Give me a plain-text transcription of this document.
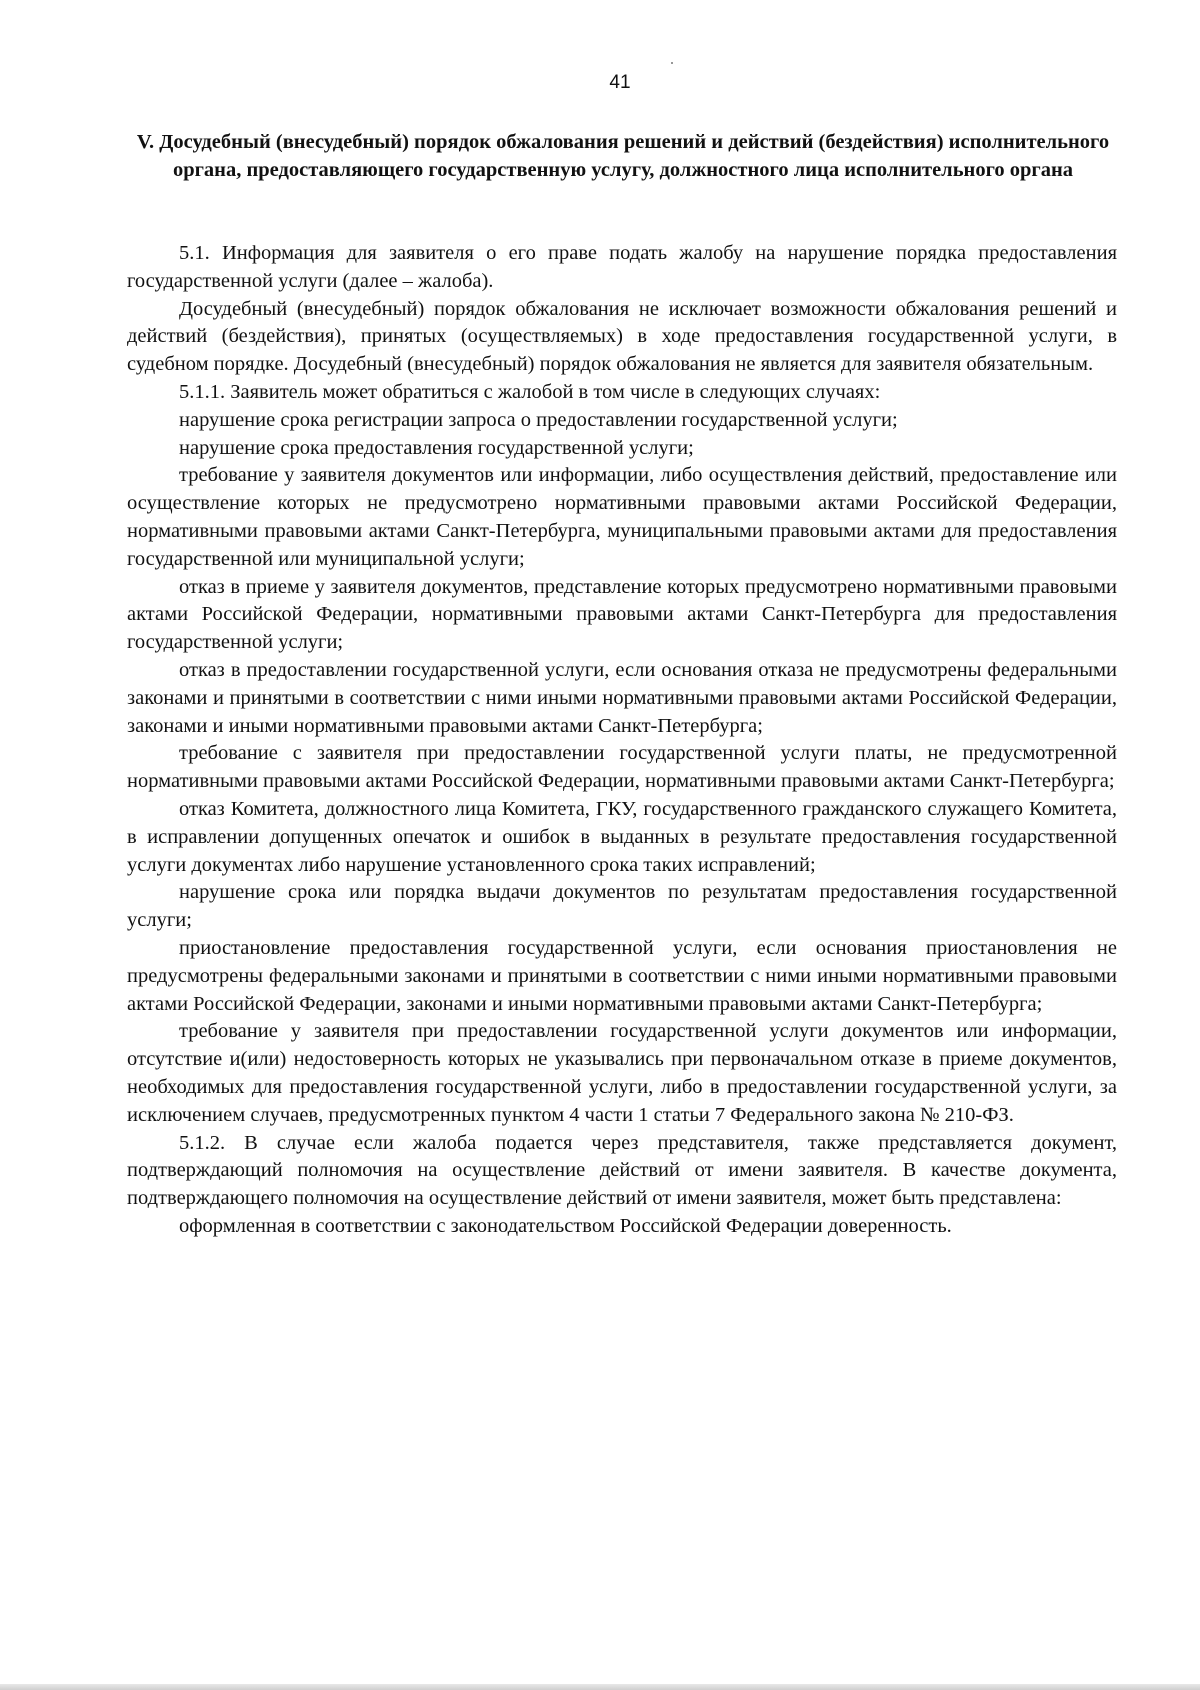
41
V. Досудебный (внесудебный) порядок обжалования решений и действий (бездействия) исполнительного органа, предоставляющего государственную услугу, должностного лица исполнительного органа

5.1. Информация для заявителя о его праве подать жалобу на нарушение порядка предоставления государственной услуги (далее – жалоба).

Досудебный (внесудебный) порядок обжалования не исключает возможности обжалования решений и действий (бездействия), принятых (осуществляемых) в ходе предоставления государственной услуги, в судебном порядке. Досудебный (внесудебный) порядок обжалования не является для заявителя обязательным.

5.1.1. Заявитель может обратиться с жалобой в том числе в следующих случаях:

нарушение срока регистрации запроса о предоставлении государственной услуги;

нарушение срока предоставления государственной услуги;

требование у заявителя документов или информации, либо осуществления действий, предоставление или осуществление которых не предусмотрено нормативными правовыми актами Российской Федерации, нормативными правовыми актами Санкт-Петербурга, муниципальными правовыми актами для предоставления государственной или муниципальной услуги;

отказ в приеме у заявителя документов, представление которых предусмотрено нормативными правовыми актами Российской Федерации, нормативными правовыми актами Санкт-Петербурга для предоставления государственной услуги;

отказ в предоставлении государственной услуги, если основания отказа не предусмотрены федеральными законами и принятыми в соответствии с ними иными нормативными правовыми актами Российской Федерации, законами и иными нормативными правовыми актами Санкт-Петербурга;

требование с заявителя при предоставлении государственной услуги платы, не предусмотренной нормативными правовыми актами Российской Федерации, нормативными правовыми актами Санкт-Петербурга;

отказ Комитета, должностного лица Комитета, ГКУ, государственного гражданского служащего Комитета, в исправлении допущенных опечаток и ошибок в выданных в результате предоставления государственной услуги документах либо нарушение установленного срока таких исправлений;

нарушение срока или порядка выдачи документов по результатам предоставления государственной услуги;

приостановление предоставления государственной услуги, если основания приостановления не предусмотрены федеральными законами и принятыми в соответствии с ними иными нормативными правовыми актами Российской Федерации, законами и иными нормативными правовыми актами Санкт-Петербурга;

требование у заявителя при предоставлении государственной услуги документов или информации, отсутствие и(или) недостоверность которых не указывались при первоначальном отказе в приеме документов, необходимых для предоставления государственной услуги, либо в предоставлении государственной услуги, за исключением случаев, предусмотренных пунктом 4 части 1 статьи 7 Федерального закона № 210-ФЗ.

5.1.2. В случае если жалоба подается через представителя, также представляется документ, подтверждающий полномочия на осуществление действий от имени заявителя. В качестве документа, подтверждающего полномочия на осуществление действий от имени заявителя, может быть представлена:

оформленная в соответствии с законодательством Российской Федерации доверенность.
